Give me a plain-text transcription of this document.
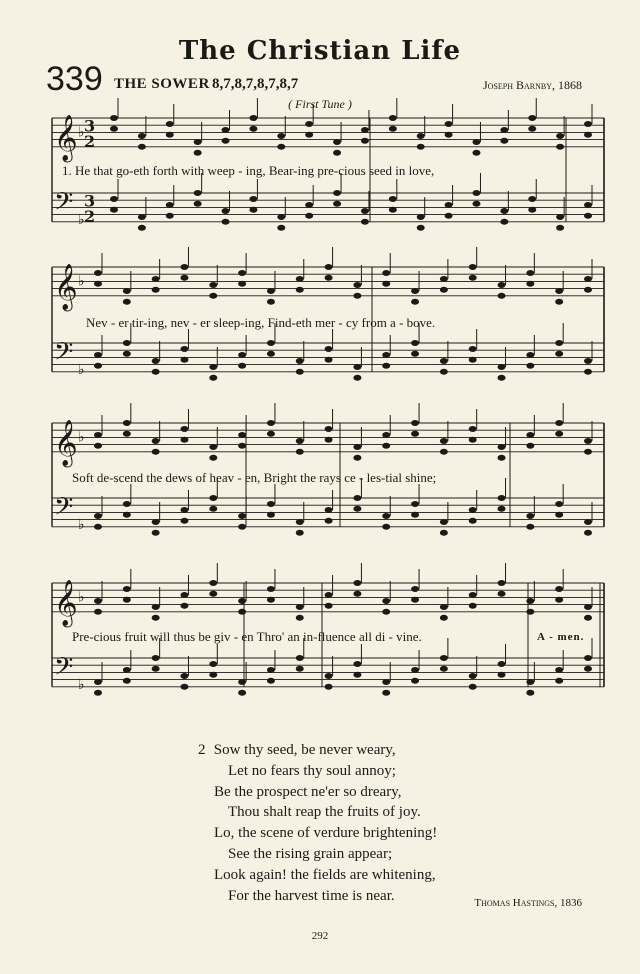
The Christian Life
339 THE SOWER 8,7,8,7,8,7,8,7	Joseph Barnby, 1868
( First Tune )
𝄞 ♭
𝄢 ♭
𝄞 ♭
𝄢 ♭
𝄞 ♭
𝄢 ♭
𝄞 ♭
𝄢 ♭
3
2
3
2
1. He that go-eth forth with weep - ing, Bear-ing pre-cious seed in love,
Nev - er tir-ing, nev - er sleep-ing, Find-eth mer - cy from a - bove.
Soft de-scend the dews of heav - en, Bright the rays ce - les-tial shine;
Pre-cious fruit will thus be giv - en Thro' an in-fluence all di - vine.	A - men.
2 Sow thy seed, be never weary,
Let no fears thy soul annoy;
Be the prospect ne'er so dreary,
Thou shalt reap the fruits of joy.
Lo, the scene of verdure brightening!
See the rising grain appear;
Look again! the fields are whitening,
For the harvest time is near.	Thomas Hastings, 1836
292
